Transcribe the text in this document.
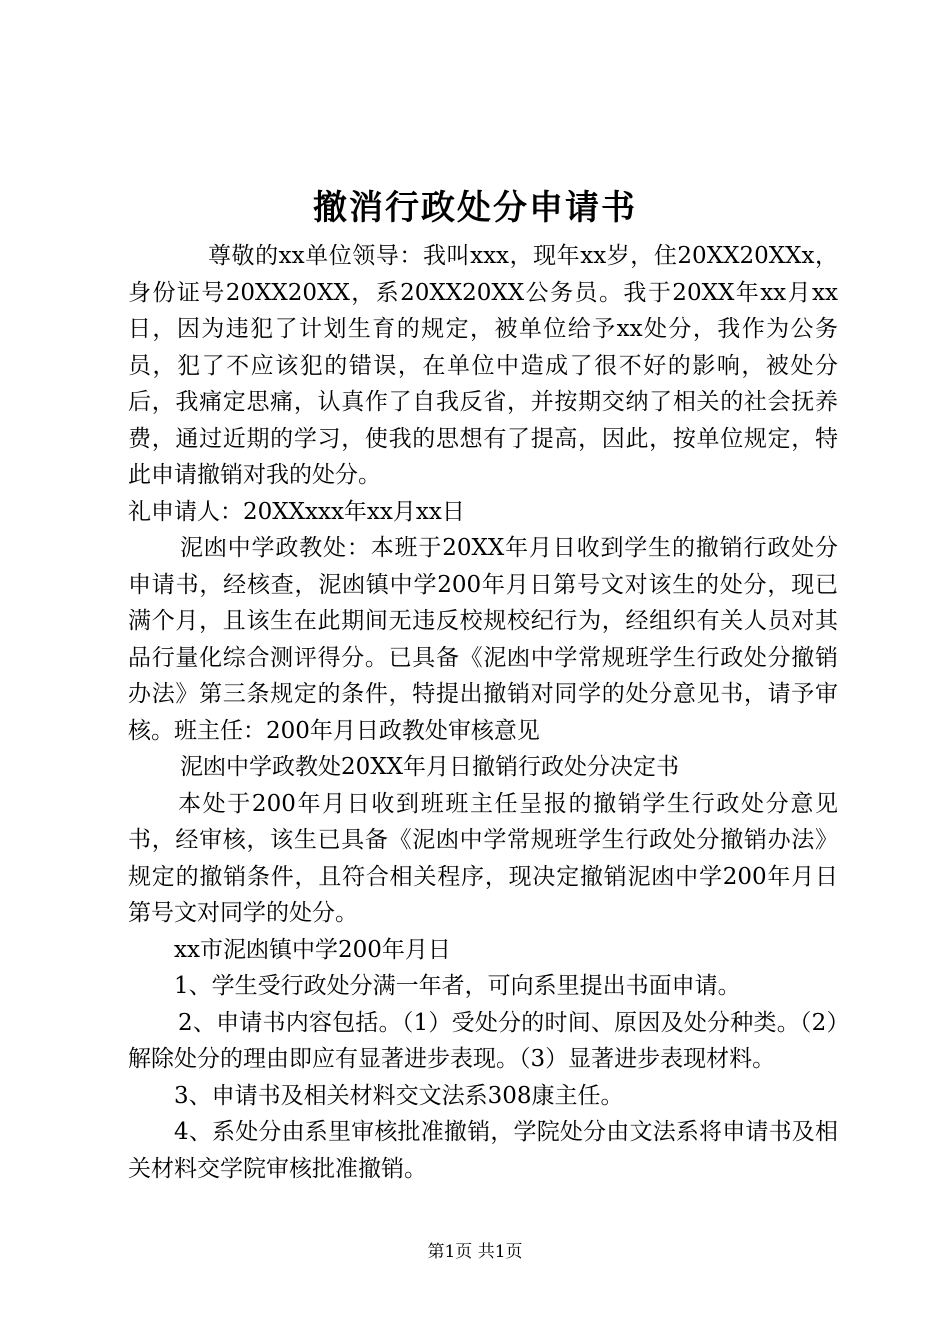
撤消行政处分申请书

尊敬的xx单位领导：我叫xxx，现年xx岁，住20XX20XXx，身份证号20XX20XX，系20XX20XX公务员。我于20XX年xx月xx日，因为违犯了计划生育的规定，被单位给予xx处分，我作为公务员，犯了不应该犯的错误，在单位中造成了很不好的影响，被处分后，我痛定思痛，认真作了自我反省，并按期交纳了相关的社会抚养费，通过近期的学习，使我的思想有了提高，因此，按单位规定，特此申请撤销对我的处分。

礼申请人：20XXxxx年xx月xx日

泥凼中学政教处：本班于20XX年月日收到学生的撤销行政处分申请书，经核查，泥凼镇中学200年月日第号文对该生的处分，现已满个月，且该生在此期间无违反校规校纪行为，经组织有关人员对其品行量化综合测评得分。已具备《泥凼中学常规班学生行政处分撤销办法》第三条规定的条件，特提出撤销对同学的处分意见书，请予审核。班主任：200年月日政教处审核意见

泥凼中学政教处20XX年月日撤销行政处分决定书

本处于200年月日收到班班主任呈报的撤销学生行政处分意见书，经审核，该生已具备《泥凼中学常规班学生行政处分撤销办法》规定的撤销条件，且符合相关程序，现决定撤销泥凼中学200年月日第号文对同学的处分。

xx市泥凼镇中学200年月日

1、学生受行政处分满一年者，可向系里提出书面申请。

2、申请书内容包括。（1）受处分的时间、原因及处分种类。（2）解除处分的理由即应有显著进步表现。（3）显著进步表现材料。

3、申请书及相关材料交文法系308康主任。

4、系处分由系里审核批准撤销，学院处分由文法系将申请书及相关材料交学院审核批准撤销。

第1页 共1页
